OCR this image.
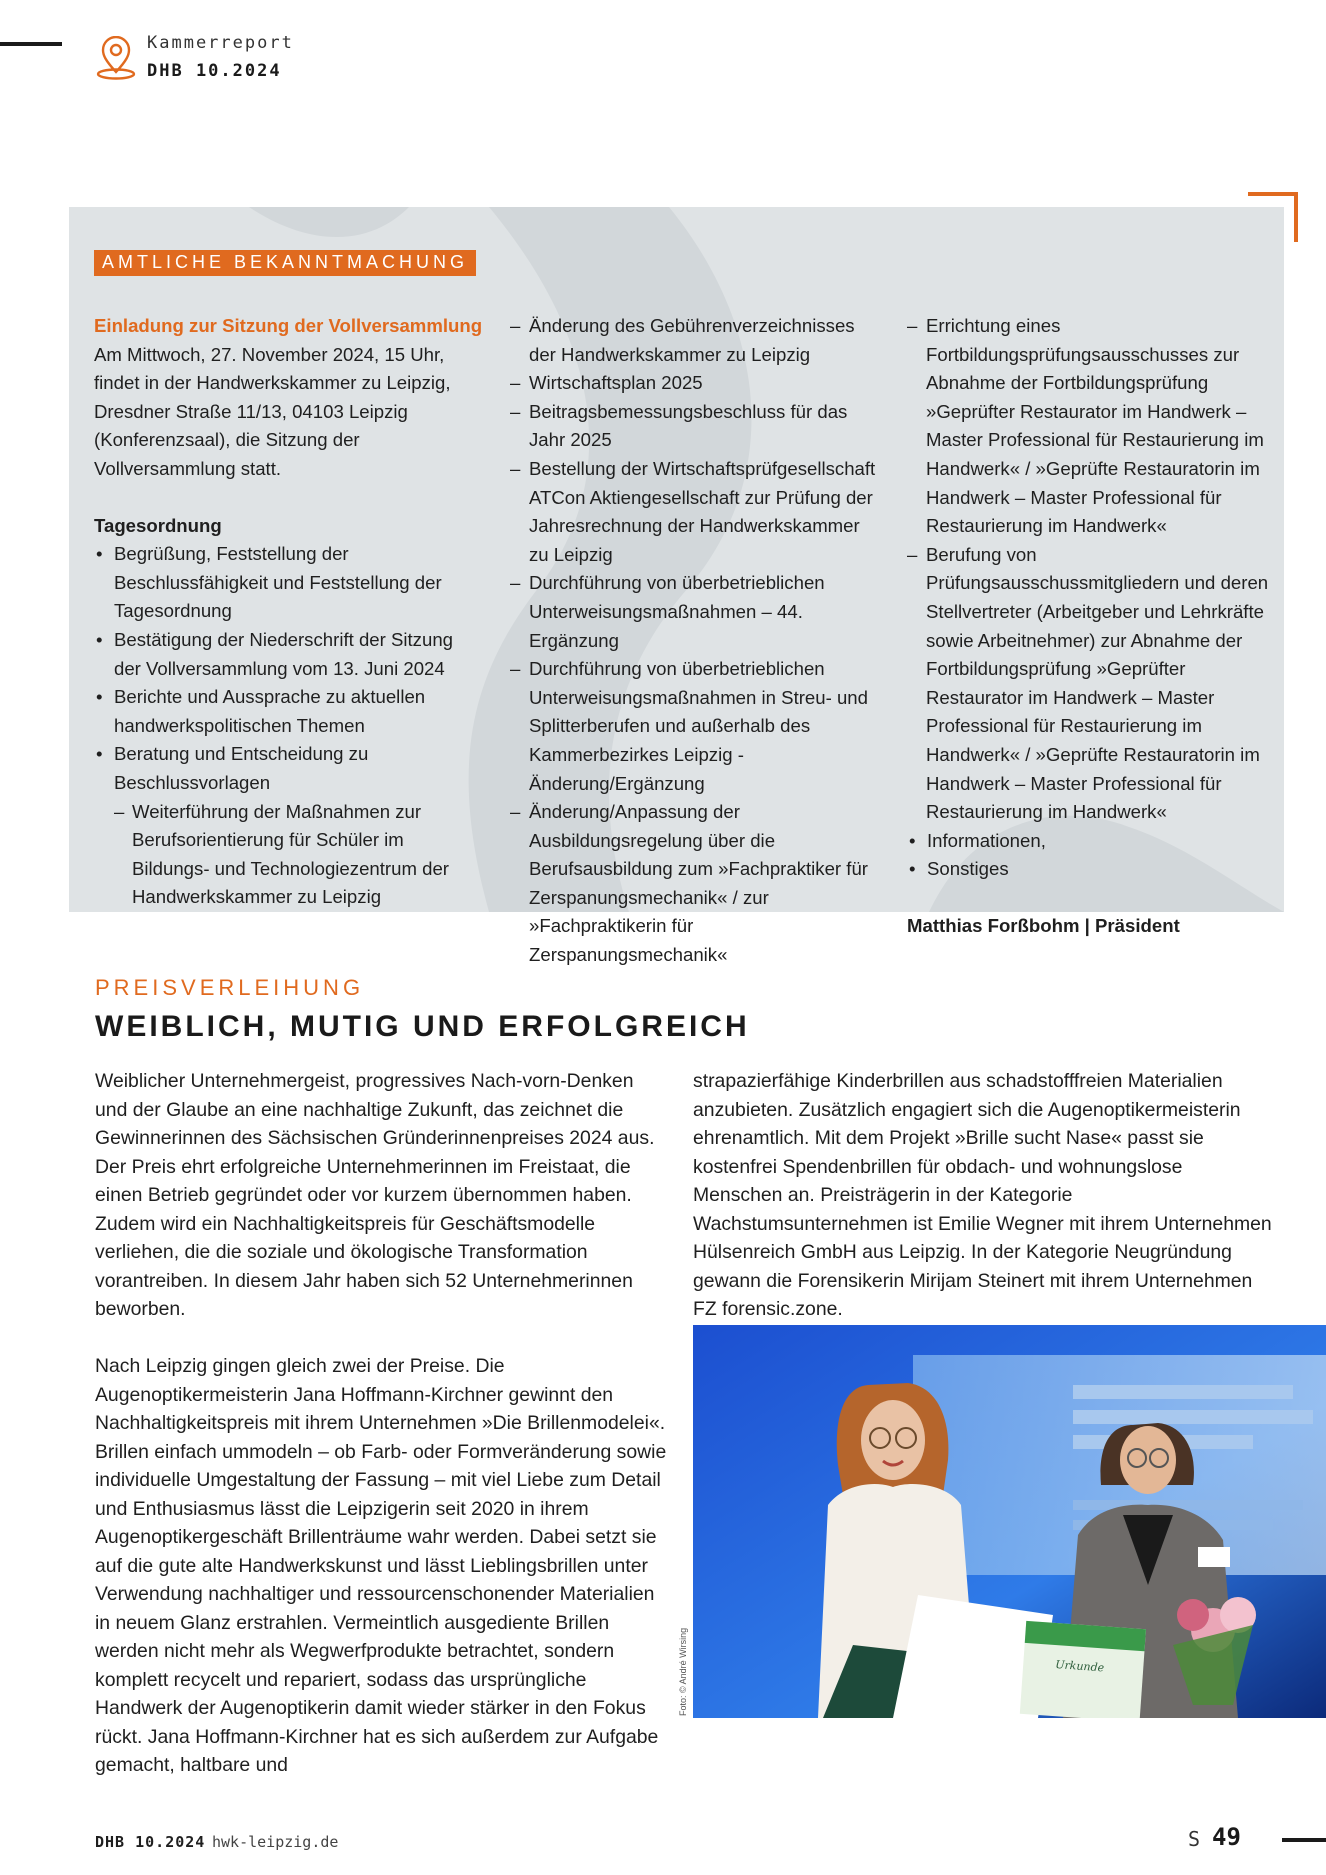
Kammerreport
DHB 10.2024
AMTLICHE BEKANNTMACHUNG
Einladung zur Sitzung der Vollversammlung
Am Mittwoch, 27. November 2024, 15 Uhr, findet in der Handwerkskammer zu Leipzig, Dresdner Straße 11/13, 04103 Leipzig (Konferenzsaal), die Sitzung der Vollversammlung statt.
Tagesordnung
• Begrüßung, Feststellung der Beschlussfähigkeit und Feststellung der Tagesordnung
• Bestätigung der Niederschrift der Sitzung der Vollversammlung vom 13. Juni 2024
• Berichte und Aussprache zu aktuellen handwerkspolitischen Themen
• Beratung und Entscheidung zu Beschlussvorlagen
– Weiterführung der Maßnahmen zur Berufsorientierung für Schüler im Bildungs- und Technologiezentrum der Handwerkskammer zu Leipzig
– Änderung des Gebührenverzeichnisses der Handwerkskammer zu Leipzig
– Wirtschaftsplan 2025
– Beitragsbemessungsbeschluss für das Jahr 2025
– Bestellung der Wirtschaftsprüfgesellschaft ATCon Aktiengesellschaft zur Prüfung der Jahresrechnung der Handwerkskammer zu Leipzig
– Durchführung von überbetrieblichen Unterweisungsmaßnahmen – 44. Ergänzung
– Durchführung von überbetrieblichen Unterweisungsmaßnahmen in Streu- und Splitterberufen und außerhalb des Kammerbezirkes Leipzig - Änderung/Ergänzung
– Änderung/Anpassung der Ausbildungsregelung über die Berufsausbildung zum »Fachpraktiker für Zerspanungsmechanik« / zur »Fachpraktikerin für Zerspanungsmechanik«
– Errichtung eines Fortbildungsprüfungsausschusses zur Abnahme der Fortbildungsprüfung »Geprüfter Restaurator im Handwerk – Master Professional für Restaurierung im Handwerk« / »Geprüfte Restauratorin im Handwerk – Master Professional für Restaurierung im Handwerk«
– Berufung von Prüfungsausschussmitgliedern und deren Stellvertreter (Arbeitgeber und Lehrkräfte sowie Arbeitnehmer) zur Abnahme der Fortbildungsprüfung »Geprüfter Restaurator im Handwerk – Master Professional für Restaurierung im Handwerk« / »Geprüfte Restauratorin im Handwerk – Master Professional für Restaurierung im Handwerk«
• Informationen,
• Sonstiges
Matthias Forßbohm | Präsident
PREISVERLEIHUNG
WEIBLICH, MUTIG UND ERFOLGREICH

Weiblicher Unternehmergeist, progressives Nach-vorn-Denken und der Glaube an eine nachhaltige Zukunft, das zeichnet die Gewinnerinnen des Sächsischen Gründerinnenpreises 2024 aus. Der Preis ehrt erfolgreiche Unternehmerinnen im Freistaat, die einen Betrieb gegründet oder vor kurzem übernommen haben. Zudem wird ein Nachhaltigkeitspreis für Geschäftsmodelle verliehen, die die soziale und ökologische Transformation vorantreiben. In diesem Jahr haben sich 52 Unternehmerinnen beworben.

Nach Leipzig gingen gleich zwei der Preise. Die Augenoptikermeisterin Jana Hoffmann-Kirchner gewinnt den Nachhaltigkeitspreis mit ihrem Unternehmen »Die Brillenmodelei«. Brillen einfach ummodeln – ob Farb- oder Formveränderung sowie individuelle Umgestaltung der Fassung – mit viel Liebe zum Detail und Enthusiasmus lässt die Leipzigerin seit 2020 in ihrem Augenoptikergeschäft Brillenträume wahr werden. Dabei setzt sie auf die gute alte Handwerkskunst und lässt Lieblingsbrillen unter Verwendung nachhaltiger und ressourcenschonender Materialien in neuem Glanz erstrahlen. Vermeintlich ausgediente Brillen werden nicht mehr als Wegwerfprodukte betrachtet, sondern komplett recycelt und repariert, sodass das ursprüngliche Handwerk der Augenoptikerin damit wieder stärker in den Fokus rückt. Jana Hoffmann-Kirchner hat es sich außerdem zur Aufgabe gemacht, haltbare und

strapazierfähige Kinderbrillen aus schadstofffreien Materialien anzubieten. Zusätzlich engagiert sich die Augenoptikermeisterin ehrenamtlich. Mit dem Projekt »Brille sucht Nase« passt sie kostenfrei Spendenbrillen für obdach- und wohnungslose Menschen an. Preisträgerin in der Kategorie Wachstumsunternehmen ist Emilie Wegner mit ihrem Unternehmen Hülsenreich GmbH aus Leipzig. In der Kategorie Neugründung gewann die Forensikerin Mirijam Steinert mit ihrem Unternehmen FZ forensic.zone.

Urkunde
Foto: © André Wirsing
DHB 10.2024 hwk-leipzig.de	S 49
